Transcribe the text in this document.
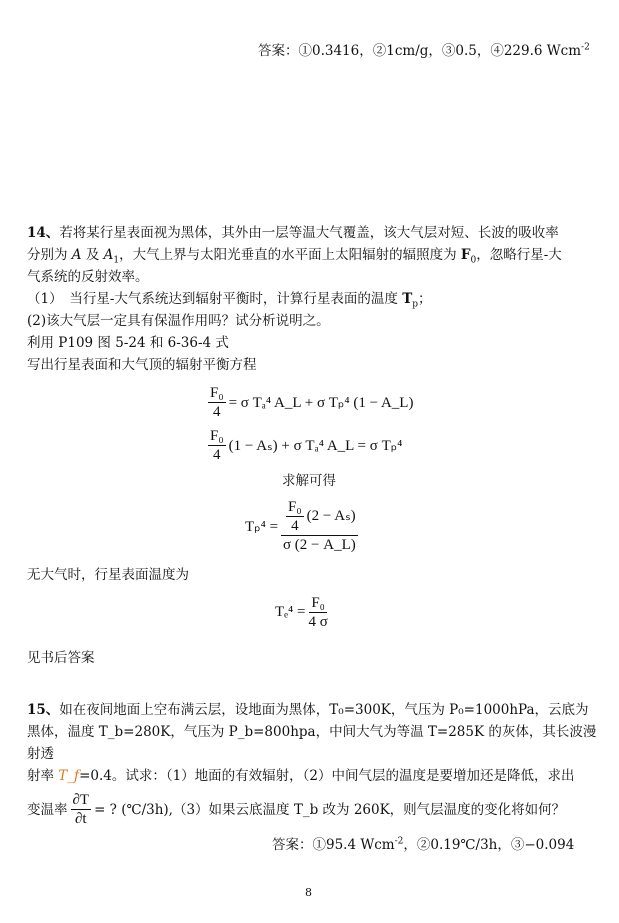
答案：①0.3416，②1cm/g，③0.5，④229.6 Wcm$^{-2}$
14、若将某行星表面视为黑体，其外由一层等温大气覆盖，该大气层对短、长波的吸收率
分别为 A 及 $A_1$，大气上界与太阳光垂直的水平面上太阳辐射的辐照度为 $F_0$，忽略行星-大
气系统的反射效率。
（1）　当行星-大气系统达到辐射平衡时，计算行星表面的温度 $T_p$；
(2)该大气层一定具有保温作用吗？试分析说明之。
利用 P109 图 5-24 和 6-36-4 式
写出行星表面和大气顶的辐射平衡方程
$\frac{\text{F₀}}{4} = \sigma$ Tₐ⁴ A_L + σ Tₚ⁴ (1 − A_L)
$\frac{\text{F₀}}{4} (1 - A_s) + \sigma$ Tₐ⁴ A_L = σ Tₚ⁴
求解可得
$T_p^4 = \frac{\frac{\text{F₀}}{4} (2 - A_s)}{\sigma (2 - A\_L)}$
无大气时，行星表面温度为
$T_e^4 = \frac{\text{F₀}}{4 \sigma}$
见书后答案
15、如在夜间地面上空布满云层，设地面为黑体，T₀=300K，气压为 P₀=1000hPa，云底为
黑体，温度 T_b=280K，气压为 P_b=800hpa，中间大气为等温 T=285K 的灰体，其长波漫射透
射率 T_f=0.4。试求：（1）地面的有效辐射，（2）中间气层的温度是要增加还是降低，求出
变温率 $\frac{\partial T}{\partial t}$ = ? (℃/3h),（3）如果云底温度 T_b 改为 260K，则气层温度的变化将如何？
答案：①95.4 Wcm$^{-2}$，②0.19℃/3h，③−0.094
8
